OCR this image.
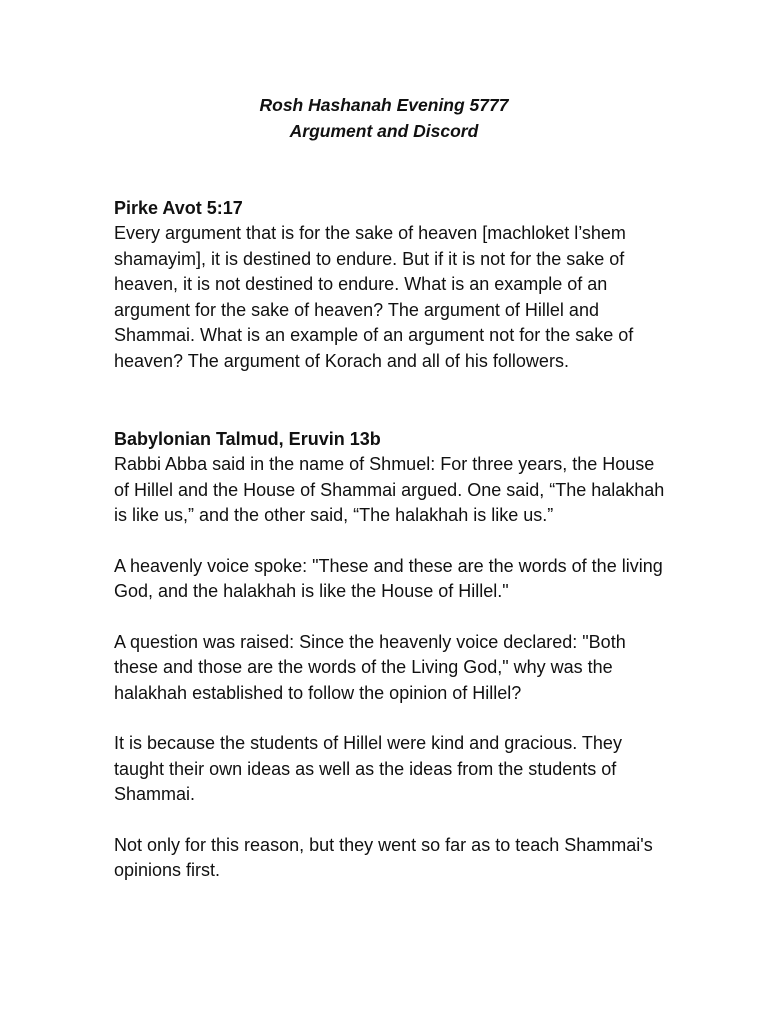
Rosh Hashanah Evening 5777
Argument and Discord

Pirke Avot 5:17

Every argument that is for the sake of heaven [machloket l’shem shamayim], it is destined to endure. But if it is not for the sake of heaven, it is not destined to endure. What is an example of an argument for the sake of heaven? The argument of Hillel and Shammai. What is an example of an argument not for the sake of heaven? The argument of Korach and all of his followers.

Babylonian Talmud, Eruvin 13b

Rabbi Abba said in the name of Shmuel: For three years, the House of Hillel and the House of Shammai argued. One said, “The halakhah is like us,” and the other said, “The halakhah is like us.”

A heavenly voice spoke: "These and these are the words of the living God, and the halakhah is like the House of Hillel."

A question was raised: Since the heavenly voice declared: "Both these and those are the words of the Living God," why was the halakhah established to follow the opinion of Hillel?

It is because the students of Hillel were kind and gracious. They taught their own ideas as well as the ideas from the students of Shammai.

Not only for this reason, but they went so far as to teach Shammai's opinions first.
